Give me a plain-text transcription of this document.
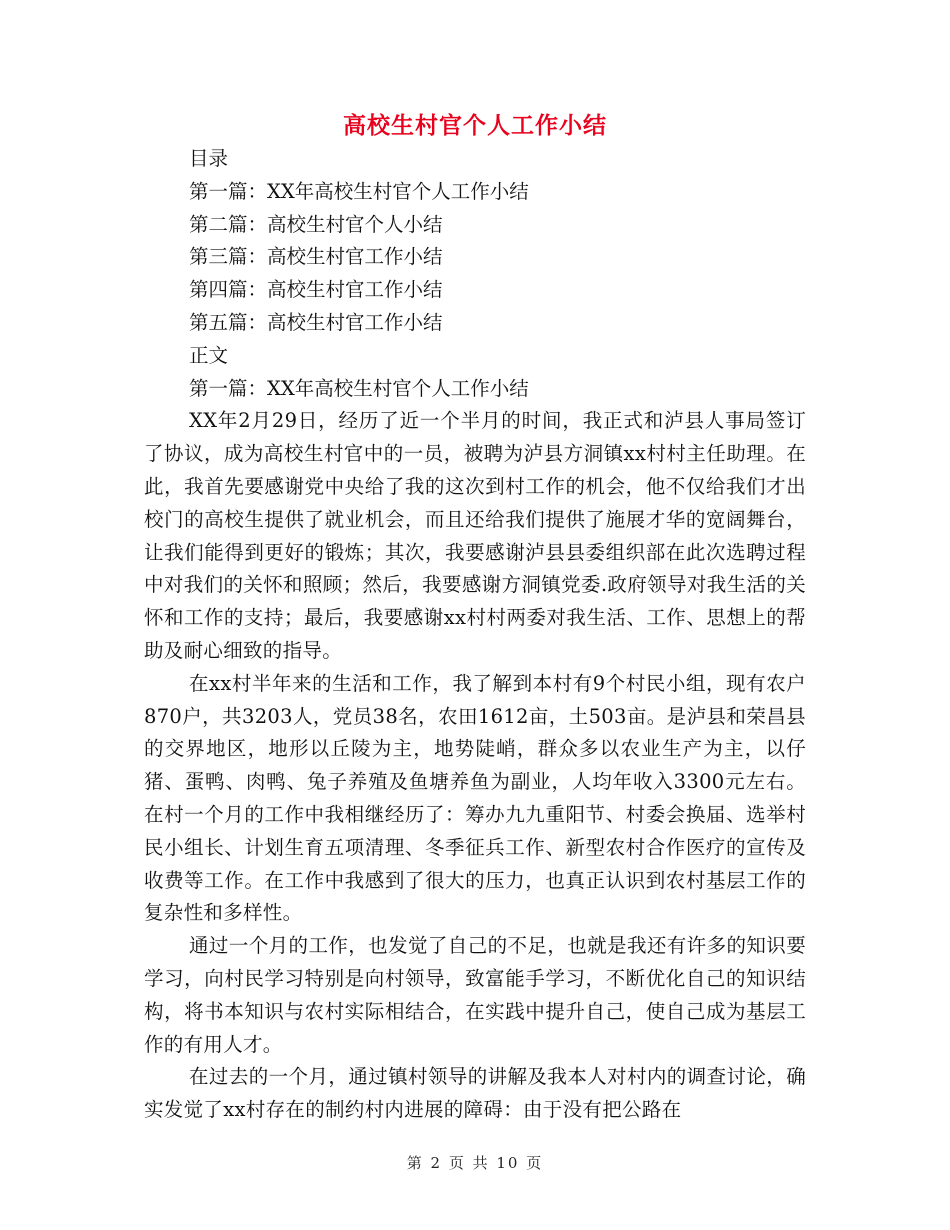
高校生村官个人工作小结

目录

第一篇：XX年高校生村官个人工作小结

第二篇：高校生村官个人小结

第三篇：高校生村官工作小结

第四篇：高校生村官工作小结

第五篇：高校生村官工作小结

正文

第一篇：XX年高校生村官个人工作小结

XX年2月29日，经历了近一个半月的时间，我正式和泸县人事局签订了协议，成为高校生村官中的一员，被聘为泸县方洞镇xx村村主任助理。在此，我首先要感谢党中央给了我的这次到村工作的机会，他不仅给我们才出校门的高校生提供了就业机会，而且还给我们提供了施展才华的宽阔舞台，让我们能得到更好的锻炼；其次，我要感谢泸县县委组织部在此次选聘过程中对我们的关怀和照顾；然后，我要感谢方洞镇党委.政府领导对我生活的关怀和工作的支持；最后，我要感谢xx村村两委对我生活、工作、思想上的帮助及耐心细致的指导。

在xx村半年来的生活和工作，我了解到本村有9个村民小组，现有农户870户，共3203人，党员38名，农田1612亩，土503亩。是泸县和荣昌县的交界地区，地形以丘陵为主，地势陡峭，群众多以农业生产为主，以仔猪、蛋鸭、肉鸭、兔子养殖及鱼塘养鱼为副业，人均年收入3300元左右。在村一个月的工作中我相继经历了：筹办九九重阳节、村委会换届、选举村民小组长、计划生育五项清理、冬季征兵工作、新型农村合作医疗的宣传及收费等工作。在工作中我感到了很大的压力，也真正认识到农村基层工作的复杂性和多样性。

通过一个月的工作，也发觉了自己的不足，也就是我还有许多的知识要学习，向村民学习特别是向村领导，致富能手学习，不断优化自己的知识结构，将书本知识与农村实际相结合，在实践中提升自己，使自己成为基层工作的有用人才。

在过去的一个月，通过镇村领导的讲解及我本人对村内的调查讨论，确实发觉了xx村存在的制约村内进展的障碍：由于没有把公路在

第 2 页 共 10 页
